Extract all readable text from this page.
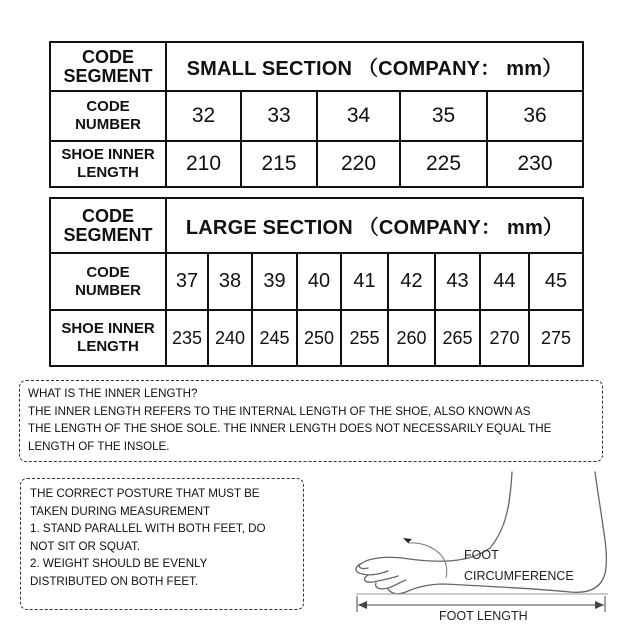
CODE
SEGMENT	SMALL SECTION （COMPANY： mm）				

CODE
NUMBER	32	33	34	35	36

SHOE INNER
LENGTH	210	215	220	225	230
CODE
SEGMENT	LARGE SECTION （COMPANY： mm）								

CODE
NUMBER	37	38	39	40	41	42	43	44	45

SHOE INNER
LENGTH	235	240	245	250	255	260	265	270	275
WHAT IS THE INNER LENGTH?
THE INNER LENGTH REFERS TO THE INTERNAL LENGTH OF THE SHOE, ALSO KNOWN AS
THE LENGTH OF THE SHOE SOLE. THE INNER LENGTH DOES NOT NECESSARILY EQUAL THE
LENGTH OF THE INSOLE.
THE CORRECT POSTURE THAT MUST BE
TAKEN DURING MEASUREMENT
1. STAND PARALLEL WITH BOTH FEET, DO
NOT SIT OR SQUAT.
2. WEIGHT SHOULD BE EVENLY
DISTRIBUTED ON BOTH FEET.
FOOT
CIRCUMFERENCE
FOOT LENGTH
